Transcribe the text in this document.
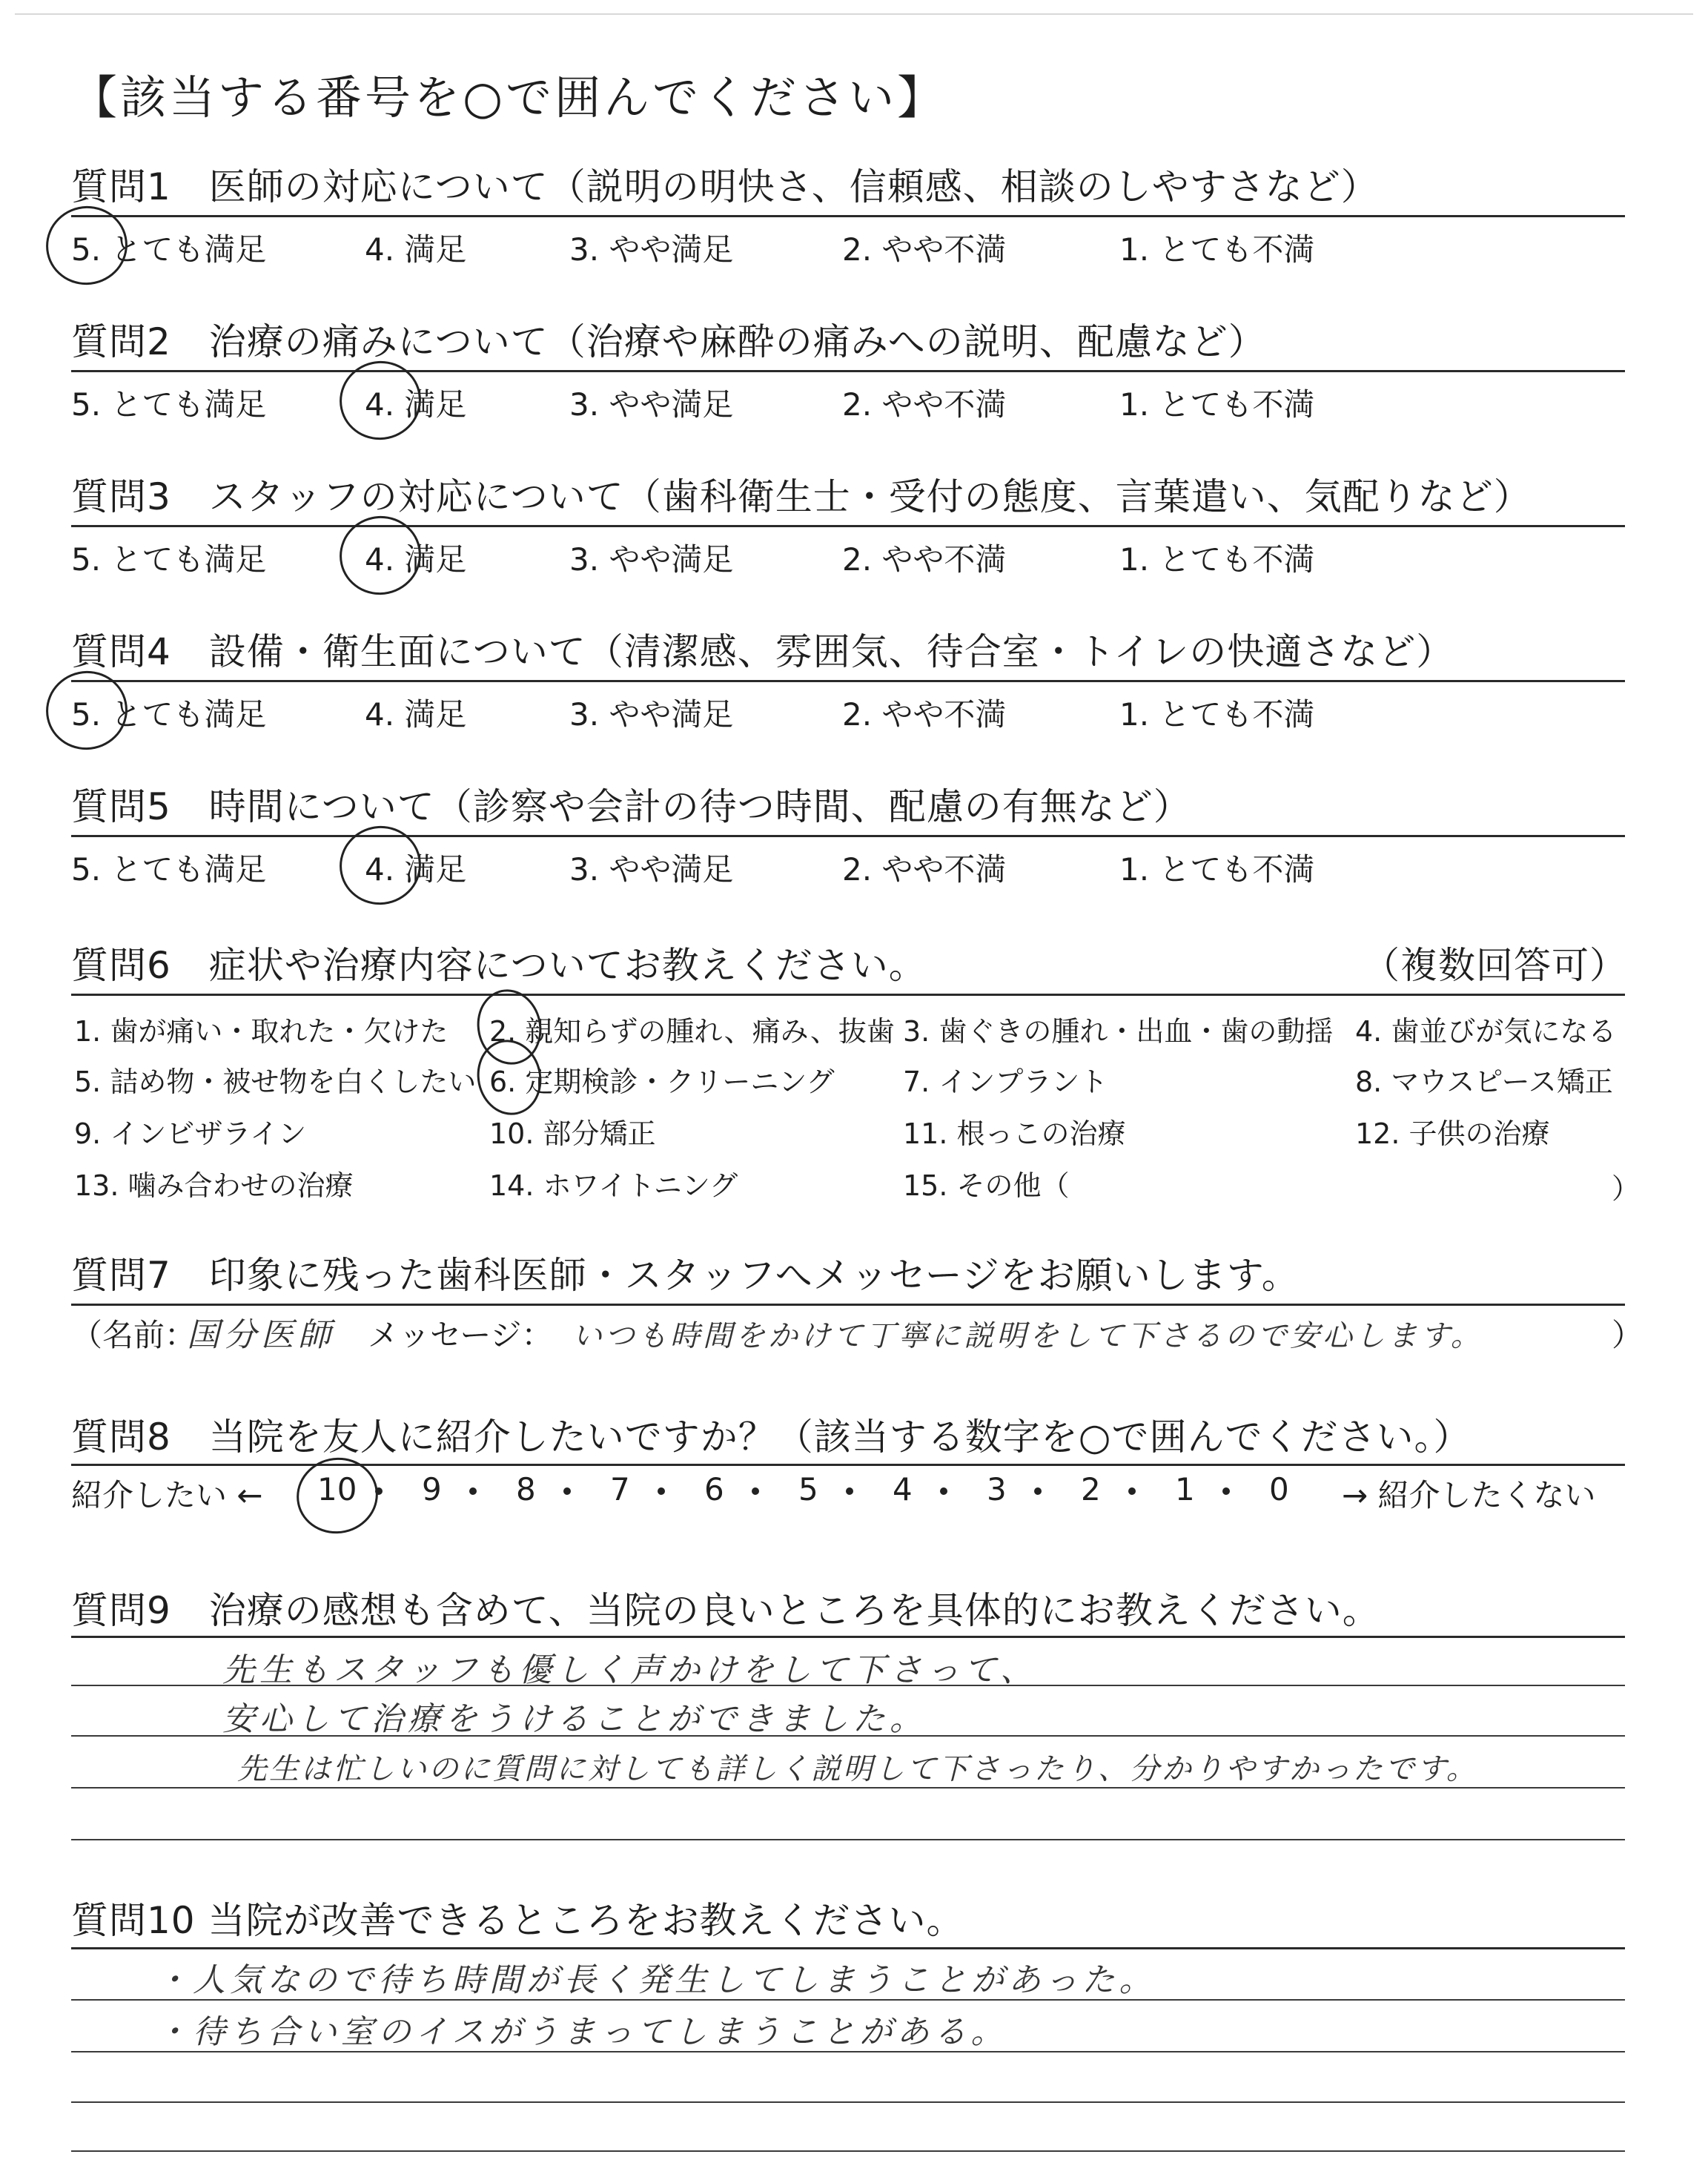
【該当する番号を○で囲んでください】
質問1　医師の対応について（説明の明快さ、信頼感、相談のしやすさなど）
5. とても満足	4. 満足	3. やや満足	2. やや不満	1. とても不満
質問2　治療の痛みについて（治療や麻酔の痛みへの説明、配慮など）
5. とても満足	4. 満足	3. やや満足	2. やや不満	1. とても不満
質問3　スタッフの対応について（歯科衛生士・受付の態度、言葉遣い、気配りなど）
5. とても満足	4. 満足	3. やや満足	2. やや不満	1. とても不満
質問4　設備・衛生面について（清潔感、雰囲気、待合室・トイレの快適さなど）
5. とても満足	4. 満足	3. やや満足	2. やや不満	1. とても不満
質問5　時間について（診察や会計の待つ時間、配慮の有無など）
5. とても満足	4. 満足	3. やや満足	2. やや不満	1. とても不満
質問6　症状や治療内容についてお教えください。	（複数回答可）
1. 歯が痛い・取れた・欠けた 2. 親知らずの腫れ、痛み、抜歯 3. 歯ぐきの腫れ・出血・歯の動揺 4. 歯並びが気になる
5. 詰め物・被せ物を白くしたい 6. 定期検診・クリーニング 7. インプラント	8. マウスピース矯正
9. インビザライン	10. 部分矯正	11. 根っこの治療	12. 子供の治療
13. 噛み合わせの治療	14. ホワイトニング	15. その他（	）
質問7　印象に残った歯科医師・スタッフへメッセージをお願いします。
（名前：
国分医師 メッセージ： いつも時間をかけて丁寧に説明をして下さるので安心します。	）
質問8　当院を友人に紹介したいですか？（該当する数字を○で囲んでください。）
紹介したい ← 10 9 8 7 6 5 4 3 2 1 0 → 紹介したくない
質問9　治療の感想も含めて、当院の良いところを具体的にお教えください。
先生もスタッフも優しく声かけをして下さって、
安心して治療をうけることができました。
先生は忙しいのに質問に対しても詳しく説明して下さったり、分かりやすかったです。
質問10 当院が改善できるところをお教えください。
・人気なので待ち時間が長く発生してしまうことがあった。
・待ち合い室のイスがうまってしまうことがある。
